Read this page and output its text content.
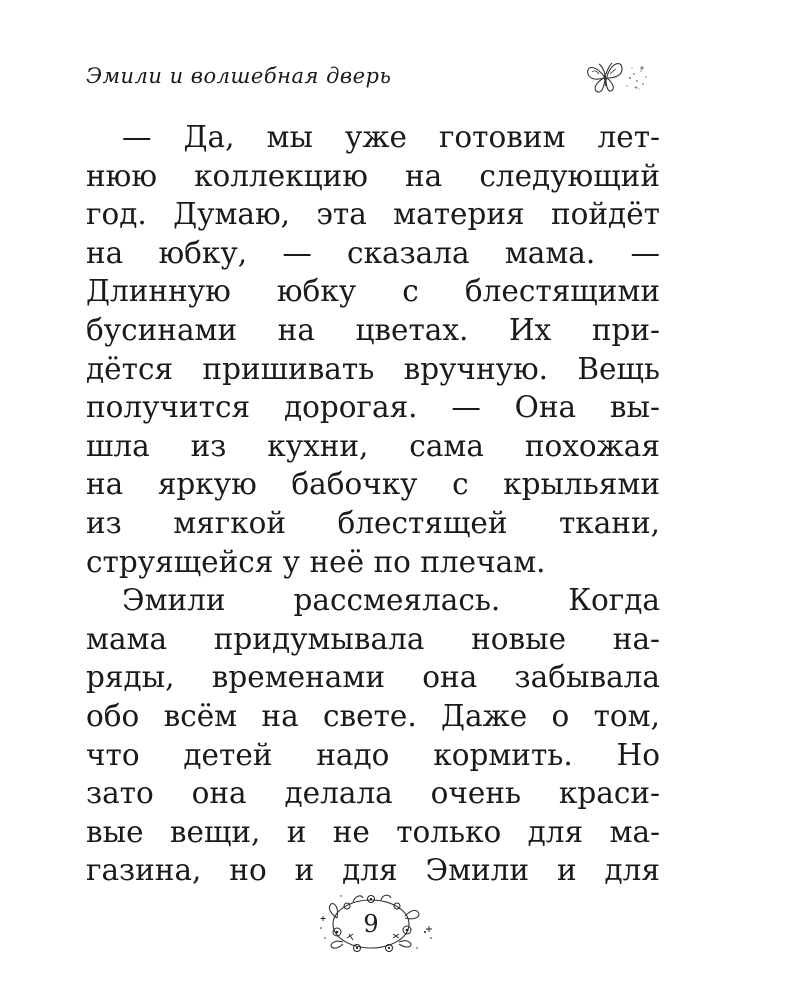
Эмили и волшебная дверь
— Да, мы уже готовим лет-
нюю коллекцию на следующий
год. Думаю, эта материя пойдёт
на юбку, — сказала мама. —
Длинную юбку с блестящими
бусинами на цветах. Их при-
дётся пришивать вручную. Вещь
получится дорогая. — Она вы-
шла из кухни, сама похожая
на яркую бабочку с крыльями
из мягкой блестящей ткани,
струящейся у неё по плечам.
Эмили рассмеялась. Когда
мама придумывала новые на-
ряды, временами она забывала
обо всём на свете. Даже о том,
что детей надо кормить. Но
зато она делала очень краси-
вые вещи, и не только для ма-
газина, но и для Эмили и для
9
